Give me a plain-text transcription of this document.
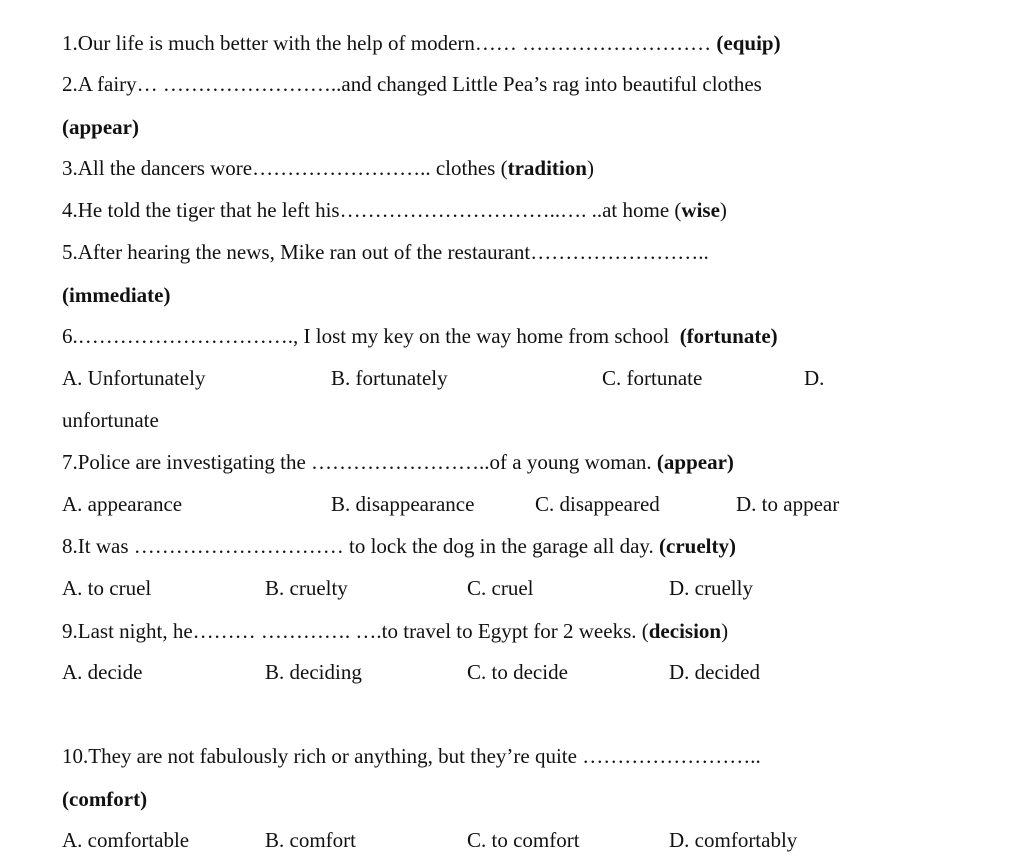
1.Our life is much better with the help of modern…… ……………………… (equip)
2.A fairy… ……………………..and changed Little Pea’s rag into beautiful clothes
(appear)
3.All the dancers wore…………………….. clothes (tradition)
4.He told the tiger that he left his…………………………..…. ..at home (wise)
5.After hearing the news, Mike ran out of the restaurant……………………..
(immediate)
6.…………………………., I lost my key on the way home from school  (fortunate)
A. Unfortunately	B. fortunately	C. fortunate	D.
unfortunate
7.Police are investigating the ……………………..of a young woman. (appear)
A. appearance	B. disappearance	C. disappeared	D. to appear
8.It was ………………………… to lock the dog in the garage all day. (cruelty)
A. to cruel	B. cruelty	C. cruel	D. cruelly
9.Last night, he……… …………. ….to travel to Egypt for 2 weeks. (decision)
A. decide	B. deciding	C. to decide	D. decided
10.They are not fabulously rich or anything, but they’re quite ……………………..
(comfort)
A. comfortable	B. comfort	C. to comfort	D. comfortably
